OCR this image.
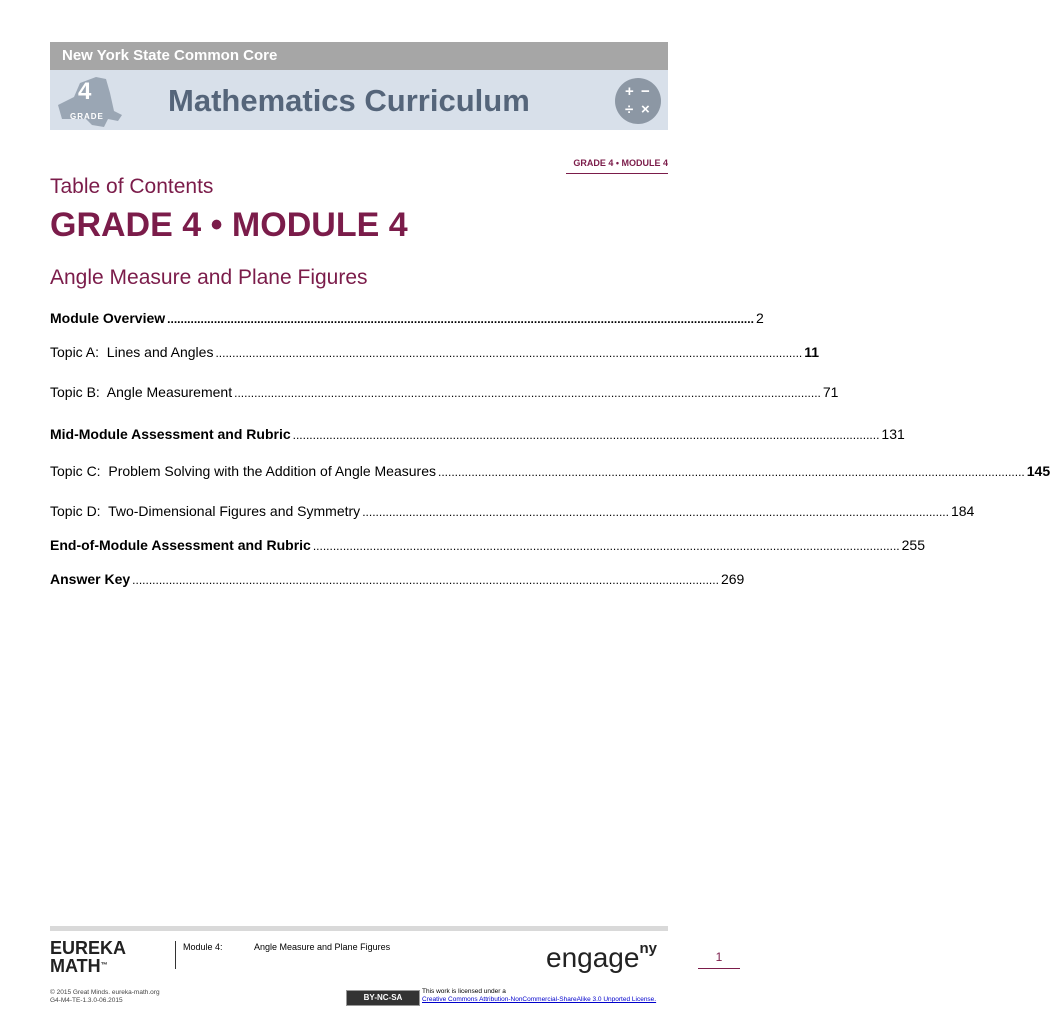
New York State Common Core
4
GRADE Mathematics Curriculum	+ −
÷ ×
GRADE 4 • MODULE 4
Table of Contents
GRADE 4 • MODULE 4
Angle Measure and Plane Figures
Module Overview ................................................................................................................................................................................ 2
Topic A:  Lines and Angles ................................................................................................................................................................................ 11
Topic B:  Angle Measurement ................................................................................................................................................................................ 71
Mid-Module Assessment and Rubric ................................................................................................................................................................................ 131
Topic C:  Problem Solving with the Addition of Angle Measures ................................................................................................................................................................................ 145
Topic D:  Two-Dimensional Figures and Symmetry ................................................................................................................................................................................ 184
End-of-Module Assessment and Rubric ................................................................................................................................................................................ 255
Answer Key ................................................................................................................................................................................ 269
EUREKA
MATH™
Module 4:	Angle Measure and Plane Figures	engage$^{ny}$	1
© 2015 Great Minds. eureka-math.org
G4-M4-TE-1.3.0-06.2015	BY-NC-SA
This work is licensed under a
Creative Commons Attribution-NonCommercial-ShareAlike 3.0 Unported License.
